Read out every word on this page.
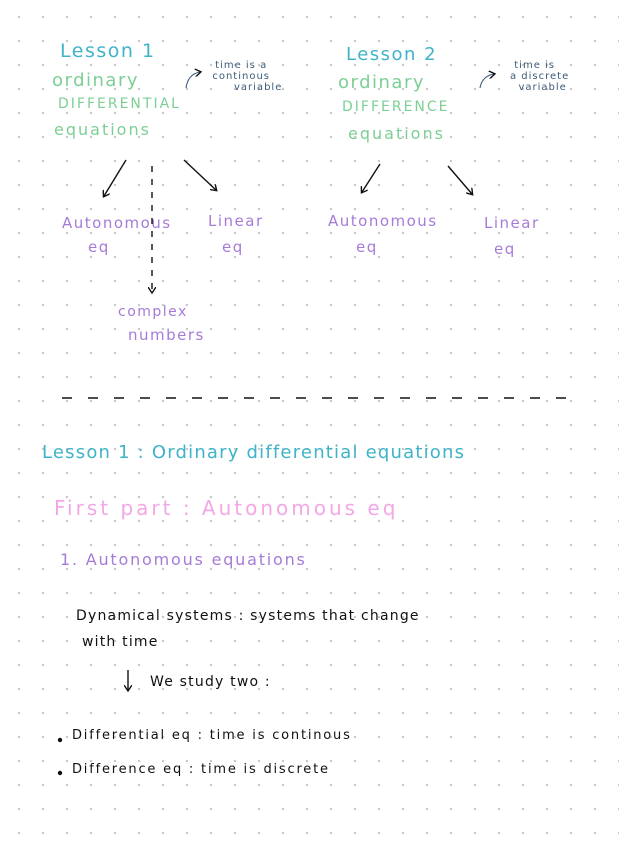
Lesson 1
ordinary
DIFFERENTIAL
equations
time is a
continous
variable
Autonomous
eq
Linear
eq
complex
numbers
Lesson 2
ordinary
DIFFERENCE
equations
time is
a discrete
variable
Autonomous
eq
Linear
eq
Lesson 1 : Ordinary differential equations
First part : Autonomous eq
1. Autonomous equations
Dynamical systems : systems that change
with time
We study two :
Differential eq : time is continous
Difference eq : time is discrete
